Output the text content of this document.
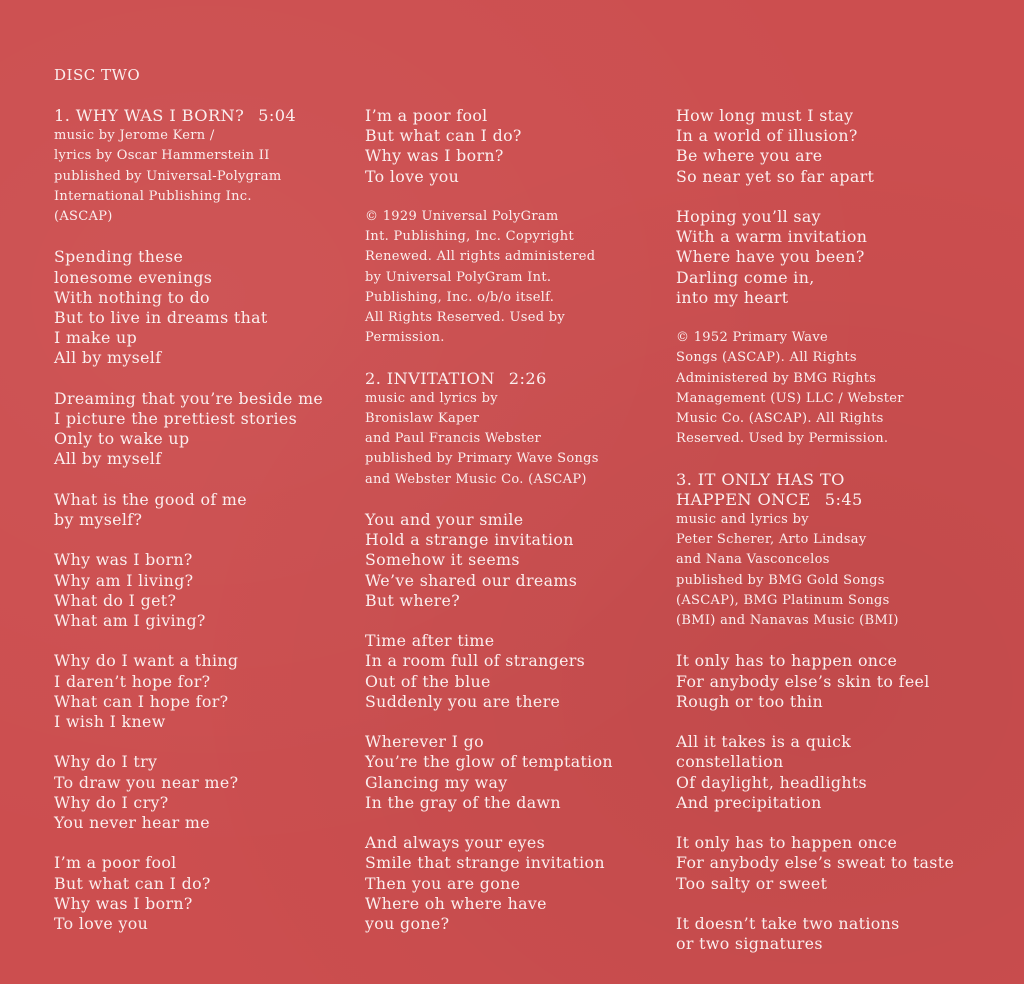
DISC TWO
1. WHY WAS I BORN? 5:04
music by Jerome Kern /
lyrics by Oscar Hammerstein II
published by Universal-Polygram
International Publishing Inc.
(ASCAP)
Spending these
lonesome evenings
With nothing to do
But to live in dreams that
I make up
All by myself
Dreaming that you’re beside me
I picture the prettiest stories
Only to wake up
All by myself
What is the good of me
by myself?
Why was I born?
Why am I living?
What do I get?
What am I giving?
Why do I want a thing
I daren’t hope for?
What can I hope for?
I wish I knew
Why do I try
To draw you near me?
Why do I cry?
You never hear me
I’m a poor fool
But what can I do?
Why was I born?
To love you
I’m a poor fool
But what can I do?
Why was I born?
To love you
© 1929 Universal PolyGram
Int. Publishing, Inc. Copyright
Renewed. All rights administered
by Universal PolyGram Int.
Publishing, Inc. o/b/o itself.
All Rights Reserved. Used by
Permission.
2. INVITATION 2:26
music and lyrics by
Bronislaw Kaper
and Paul Francis Webster
published by Primary Wave Songs
and Webster Music Co. (ASCAP)
You and your smile
Hold a strange invitation
Somehow it seems
We’ve shared our dreams
But where?
Time after time
In a room full of strangers
Out of the blue
Suddenly you are there
Wherever I go
You’re the glow of temptation
Glancing my way
In the gray of the dawn
And always your eyes
Smile that strange invitation
Then you are gone
Where oh where have
you gone?
How long must I stay
In a world of illusion?
Be where you are
So near yet so far apart
Hoping you’ll say
With a warm invitation
Where have you been?
Darling come in,
into my heart
© 1952 Primary Wave
Songs (ASCAP). All Rights
Administered by BMG Rights
Management (US) LLC / Webster
Music Co. (ASCAP). All Rights
Reserved. Used by Permission.
3. IT ONLY HAS TO
HAPPEN ONCE 5:45
music and lyrics by
Peter Scherer, Arto Lindsay
and Nana Vasconcelos
published by BMG Gold Songs
(ASCAP), BMG Platinum Songs
(BMI) and Nanavas Music (BMI)
It only has to happen once
For anybody else’s skin to feel
Rough or too thin
All it takes is a quick
constellation
Of daylight, headlights
And precipitation
It only has to happen once
For anybody else’s sweat to taste
Too salty or sweet
It doesn’t take two nations
or two signatures
